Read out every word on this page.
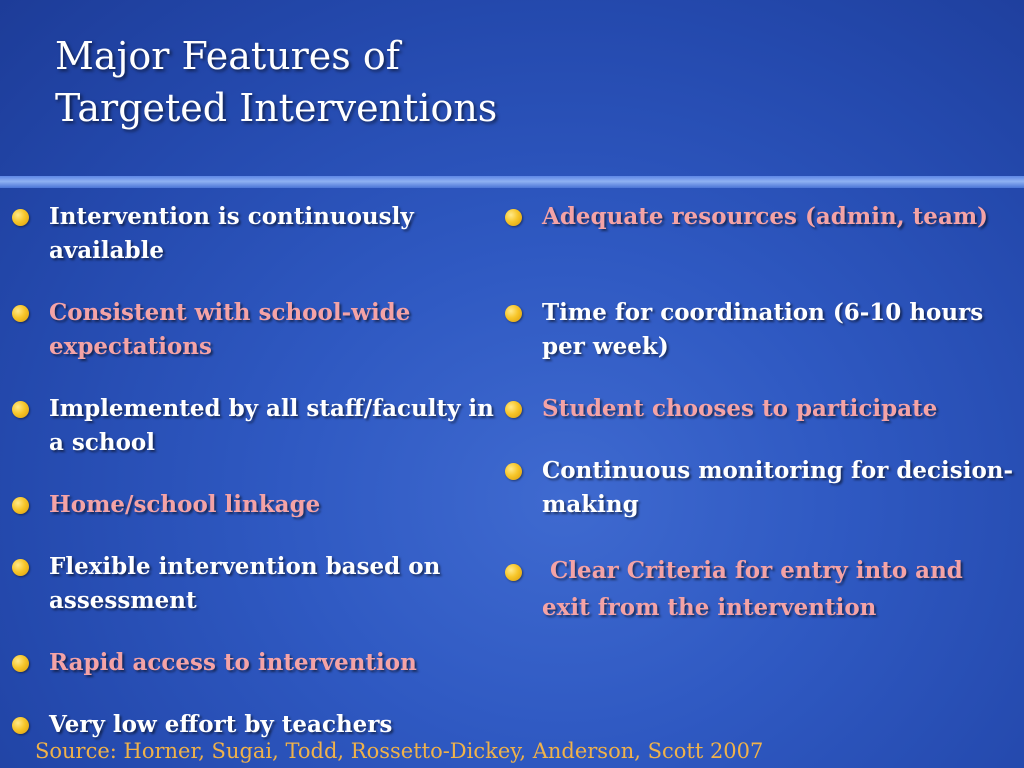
Major Features of
Targeted Interventions
Intervention is continuously available
Consistent with school-wide expectations
Implemented by all staff/faculty in a school
Home/school linkage
Flexible intervention based on assessment
Rapid access to intervention
Very low effort by teachers
Adequate resources (admin, team)
Time for coordination (6-10 hours per week)
Student chooses to participate
Continuous monitoring for decision-making
Clear Criteria for entry into and exit from the intervention

Source: Horner, Sugai, Todd, Rossetto-Dickey, Anderson, Scott 2007
